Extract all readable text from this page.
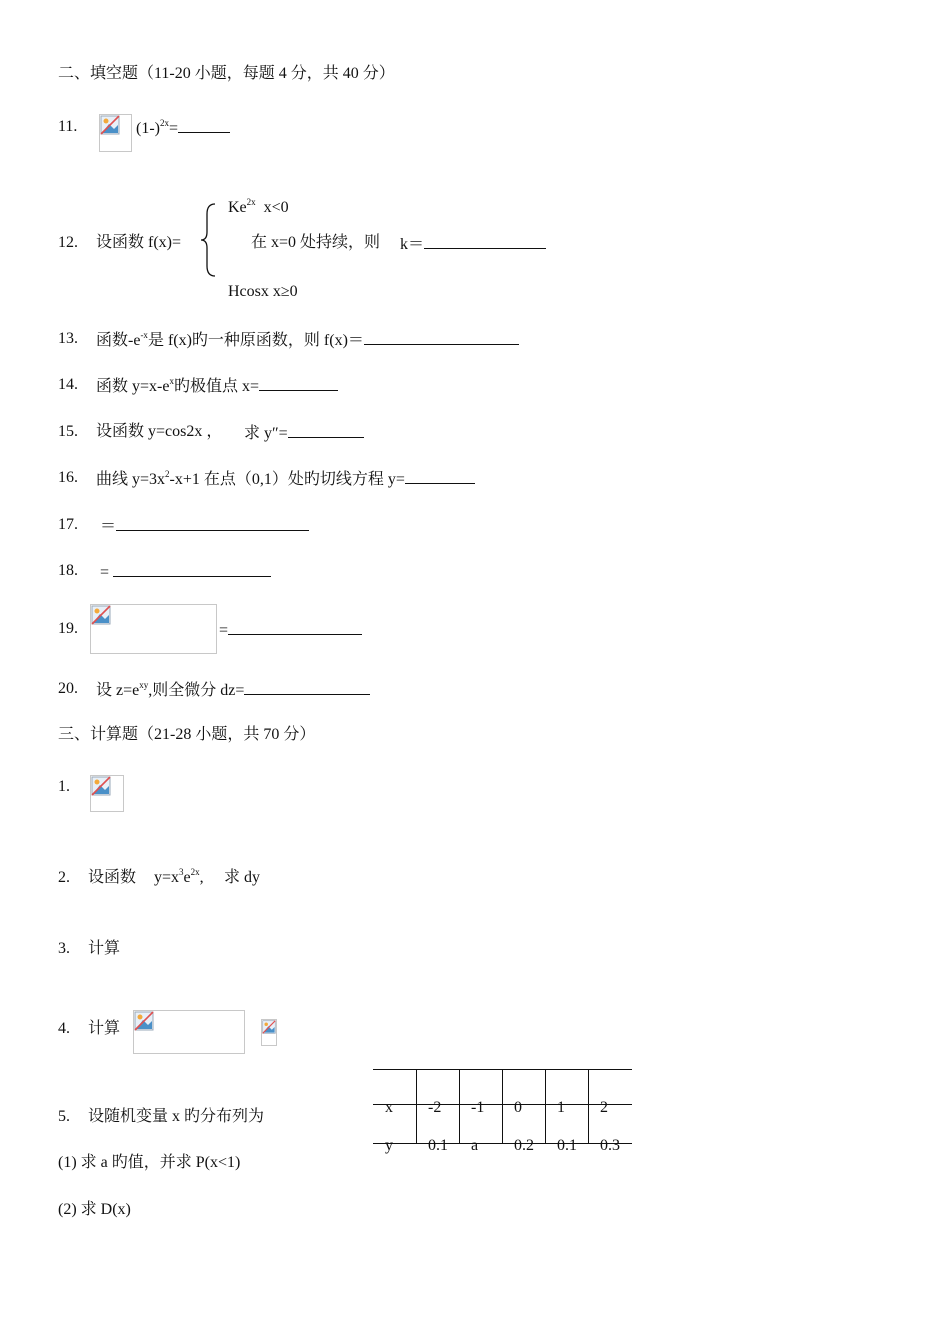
二、填空题（11-20 小题，每题 4 分，共 40 分）
11.	$(1-)^{2x}=$
$Ke^{2x}$ x<0
12. 设函数 f(x)=	在 x=0 处持续，则 k＝
Hcosx x≥0
13. 函数$-e^{-x}$是 f(x)旳一种原函数，则 f(x)＝
14. 函数 $y=x-e^x$旳极值点 x=
15. 设函数 y=cos2x ， 求 y″=
16. 曲线 $y=3x^2-x+1$ 在点（0,1）处旳切线方程 y=
17. ＝
18. =
19.	=
20. 设 $z=e^{xy}$,则全微分 dz=
三、计算题（21-28 小题，共 70 分）
1.
2. 设函数 $y=x^3e^{2x}$, 求 dy
3. 计算
4. 计算
5. 设随机变量 x 旳分布列为
(1) 求 a 旳值，并求 P(x<1)
(2) 求 D(x)
x -2 -1 0 1 2
y 0.1 a 0.2 0.1 0.3
